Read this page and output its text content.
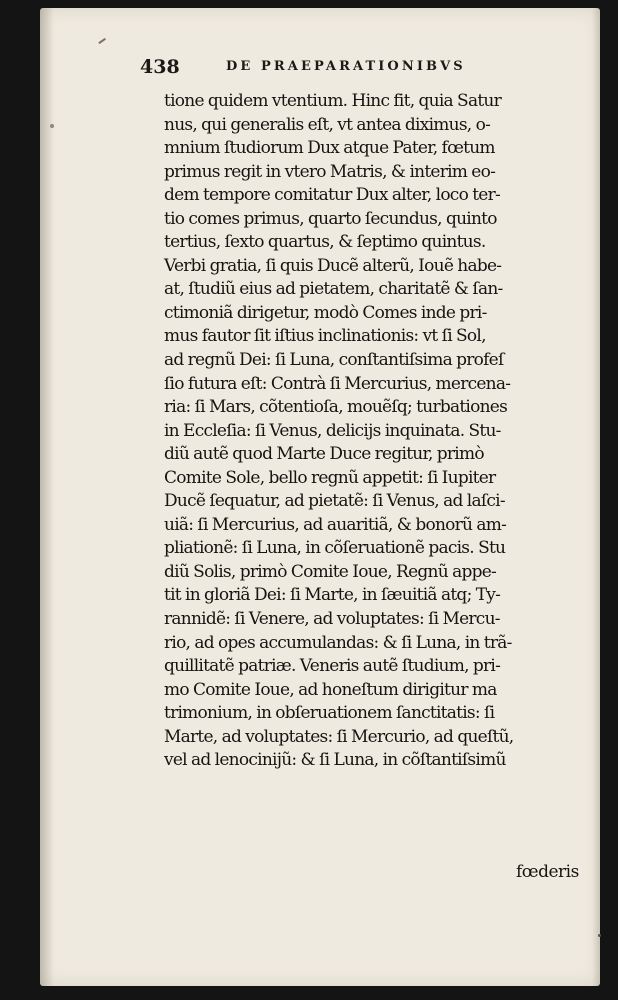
438	DE PRAEPARATIONIBVS
tione quidem vtentium. Hinc fit, quia Satur
nus, qui generalis eſt, vt antea diximus, o-
mnium ſtudiorum Dux atque Pater, fœtum
primus regit in vtero Matris, & interim eo-
dem tempore comitatur Dux alter, loco ter-
tio comes primus, quarto ſecundus, quinto
tertius, ſexto quartus, & ſeptimo quintus.
Verbi gratia, ſi quis Ducẽ alterũ, Iouẽ habe-
at, ſtudiũ eius ad pietatem, charitatẽ & ſan-
ctimoniã dirigetur, modò Comes inde pri-
mus fautor ſit iſtius inclinationis: vt ſi Sol,
ad regnũ Dei: ſi Luna, conſtantiſsima profeſ
ſio futura eſt: Contrà ſi Mercurius, mercena-
ria: ſi Mars, cõtentioſa, mouẽſq; turbationes
in Eccleſia: ſi Venus, delicijs inquinata. Stu-
diũ autẽ quod Marte Duce regitur, primò
Comite Sole, bello regnũ appetit: ſi Iupiter
Ducẽ ſequatur, ad pietatẽ: ſi Venus, ad laſci-
uiã: ſi Mercurius, ad auaritiã, & bonorũ am-
pliationẽ: ſi Luna, in cõſeruationẽ pacis. Stu
diũ Solis, primò Comite Ioue, Regnũ appe-
tit in gloriã Dei: ſi Marte, in ſæuitiã atq; Ty-
rannidẽ: ſi Venere, ad voluptates: ſi Mercu-
rio, ad opes accumulandas: & ſi Luna, in trã-
quillitatẽ patriæ. Veneris autẽ ſtudium, pri-
mo Comite Ioue, ad honeſtum dirigitur ma
trimonium, in obſeruationem ſanctitatis: ſi
Marte, ad voluptates: ſi Mercurio, ad queſtũ,
vel ad lenocinijũ: & ſi Luna, in cõſtantiſsimũ
fœderis
